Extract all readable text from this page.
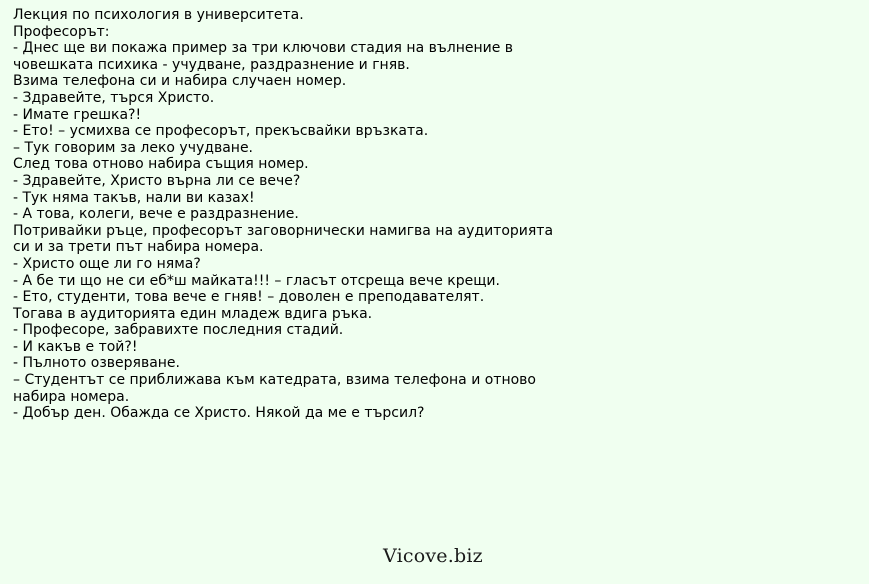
Лекция по психология в университета.
Професорът:
- Днес ще ви покажа пример за три ключови стадия на вълнение в човешката психика - учудване, раздразнение и гняв.
Взима телефона си и набира случаен номер.
- Здравейте, търся Христо.
- Имате грешка?!
- Ето! – усмихва се професорът, прекъсвайки връзката.
– Тук говорим за леко учудване.
След това отново набира същия номер.
- Здравейте, Христо върна ли се вече?
- Тук няма такъв, нали ви казах!
- А това, колеги, вече е раздразнение.
Потривайки ръце, професорът заговорнически намигва на аудиторията си и за трети път набира номера.
- Христо още ли го няма?
- А бе ти що не си еб*ш майката!!! – гласът отсреща вече крещи.
- Ето, студенти, това вече е гняв! – доволен е преподавателят.
Тогава в аудиторията един младеж вдига ръка.
- Професоре, забравихте последния стадий.
- И какъв е той?!
- Пълното озверяване.
– Студентът се приближава към катедрата, взима телефона и отново набира номера.
- Добър ден. Обажда се Христо. Някой да ме е търсил?
Vicove.biz
